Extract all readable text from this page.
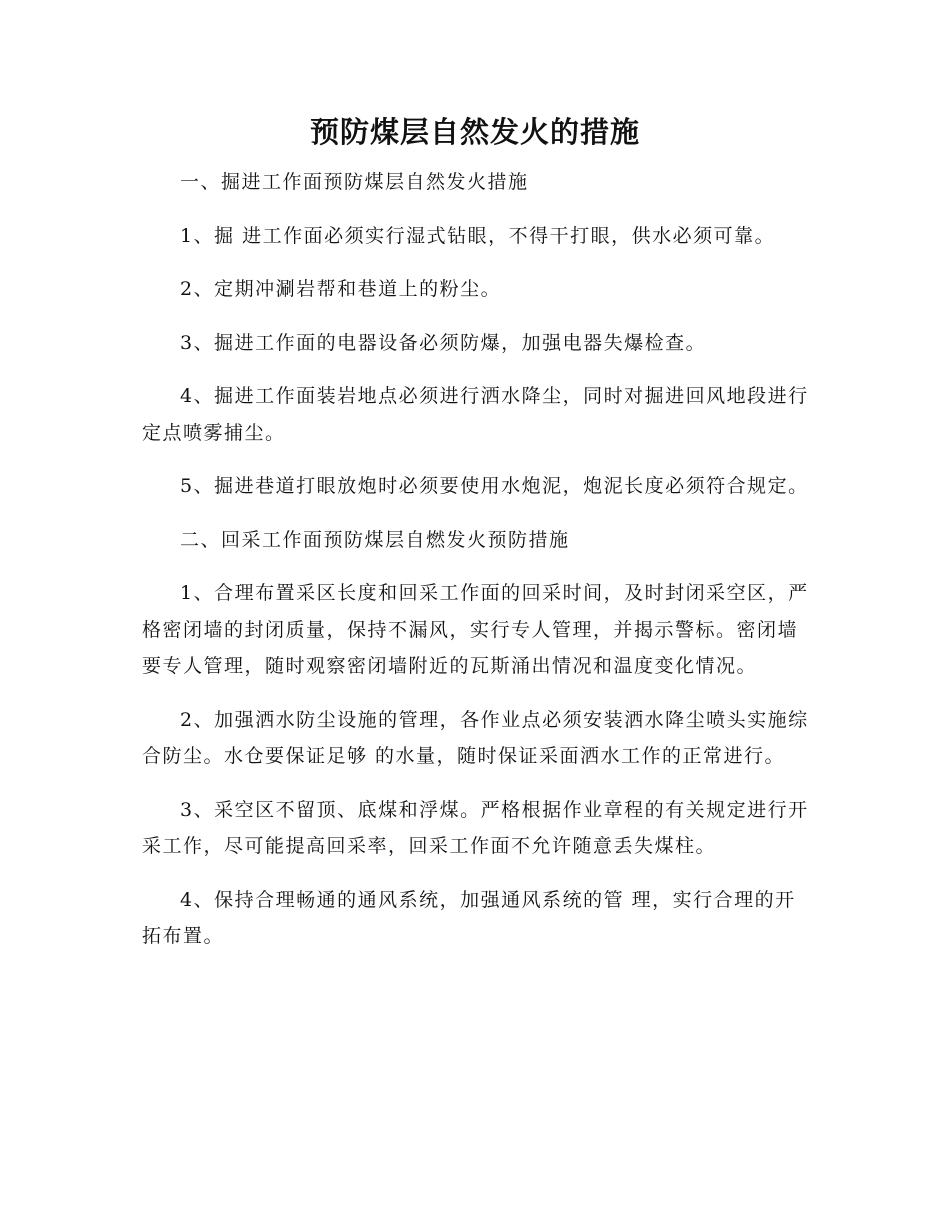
预防煤层自然发火的措施

一、掘进工作面预防煤层自然发火措施

1、掘 进工作面必须实行湿式钻眼，不得干打眼，供水必须可靠。

2、定期冲涮岩帮和巷道上的粉尘。

3、掘进工作面的电器设备必须防爆，加强电器失爆检查。

4、掘进工作面装岩地点必须进行洒水降尘，同时对掘进回风地段进行定点喷雾捕尘。

5、掘进巷道打眼放炮时必须要使用水炮泥，炮泥长度必须符合规定。

二、回采工作面预防煤层自燃发火预防措施

1、合理布置采区长度和回采工作面的回采时间，及时封闭采空区，严格密闭墙的封闭质量，保持不漏风，实行专人管理，并揭示警标。密闭墙要专人管理，随时观察密闭墙附近的瓦斯涌出情况和温度变化情况。

2、加强洒水防尘设施的管理，各作业点必须安装洒水降尘喷头实施综合防尘。水仓要保证足够 的水量，随时保证采面洒水工作的正常进行。

3、采空区不留顶、底煤和浮煤。严格根据作业章程的有关规定进行开采工作，尽可能提高回采率，回采工作面不允许随意丢失煤柱。

4、保持合理畅通的通风系统，加强通风系统的管 理，实行合理的开拓布置。
